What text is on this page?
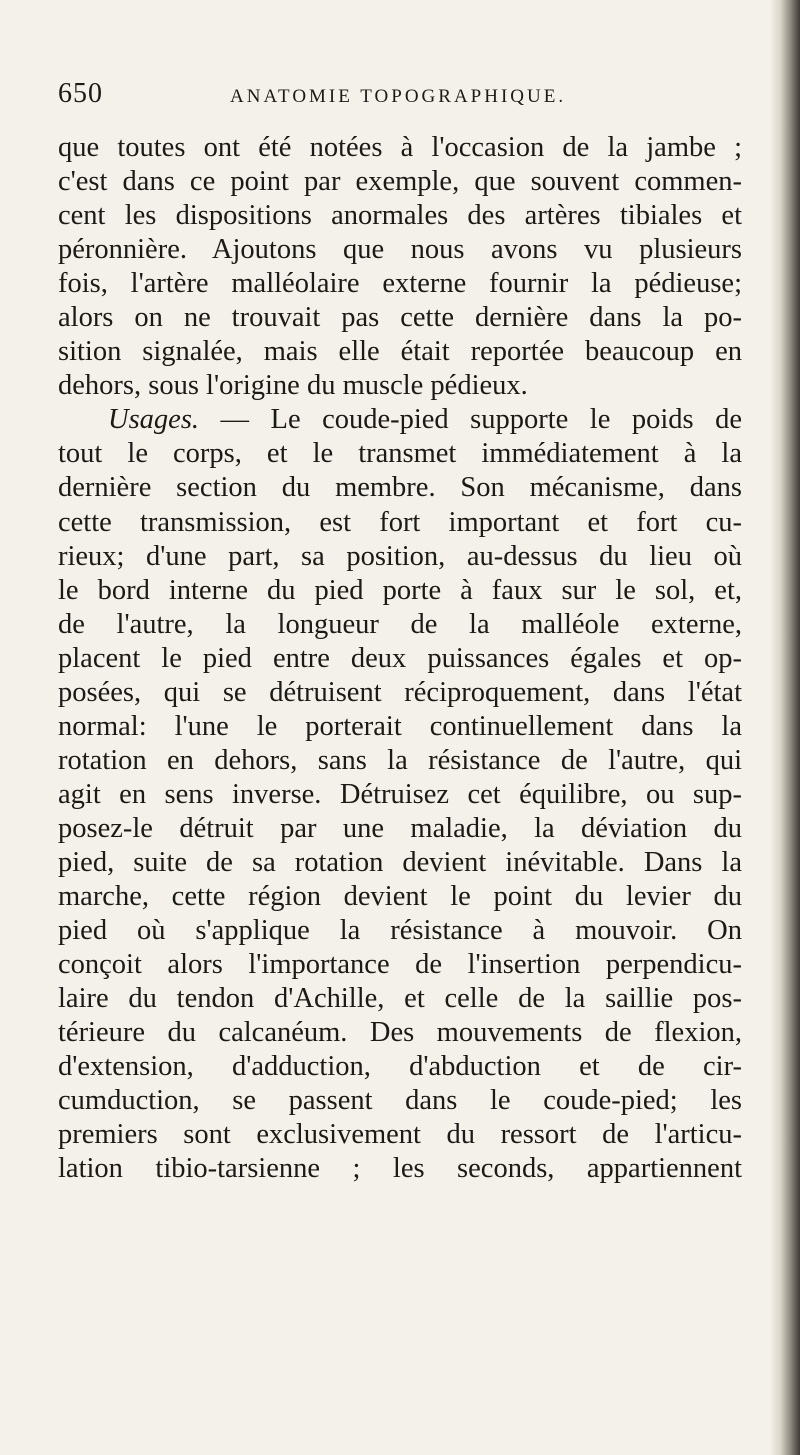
650	ANATOMIE TOPOGRAPHIQUE.
que toutes ont été notées à l'occasion de la jambe ;
c'est dans ce point par exemple, que souvent commen-
cent les dispositions anormales des artères tibiales et
péronnière. Ajoutons que nous avons vu plusieurs
fois, l'artère malléolaire externe fournir la pédieuse;
alors on ne trouvait pas cette dernière dans la po-
sition signalée, mais elle était reportée beaucoup en
dehors, sous l'origine du muscle pédieux.
Usages. — Le coude-pied supporte le poids de
tout le corps, et le transmet immédiatement à la
dernière section du membre. Son mécanisme, dans
cette transmission, est fort important et fort cu-
rieux; d'une part, sa position, au-dessus du lieu où
le bord interne du pied porte à faux sur le sol, et,
de l'autre, la longueur de la malléole externe,
placent le pied entre deux puissances égales et op-
posées, qui se détruisent réciproquement, dans l'état
normal: l'une le porterait continuellement dans la
rotation en dehors, sans la résistance de l'autre, qui
agit en sens inverse. Détruisez cet équilibre, ou sup-
posez-le détruit par une maladie, la déviation du
pied, suite de sa rotation devient inévitable. Dans la
marche, cette région devient le point du levier du
pied où s'applique la résistance à mouvoir. On
conçoit alors l'importance de l'insertion perpendicu-
laire du tendon d'Achille, et celle de la saillie pos-
térieure du calcanéum. Des mouvements de flexion,
d'extension, d'adduction, d'abduction et de cir-
cumduction, se passent dans le coude-pied; les
premiers sont exclusivement du ressort de l'articu-
lation tibio-tarsienne ; les seconds, appartiennent
